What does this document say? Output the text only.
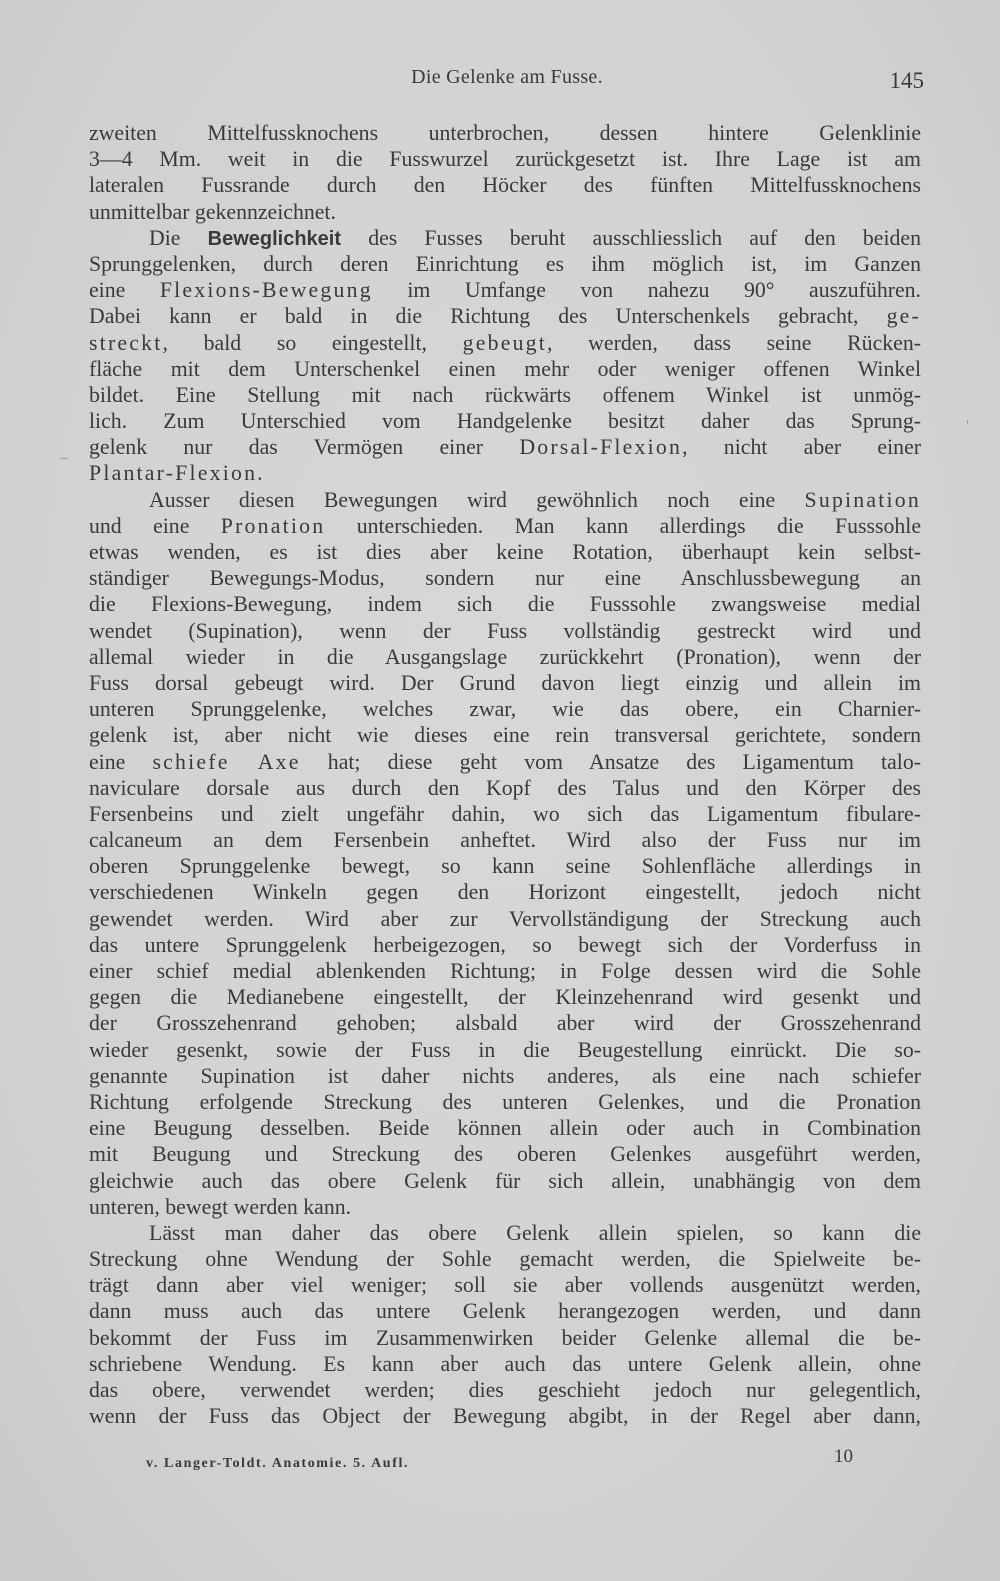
Die Gelenke am Fusse.	145
zweiten Mittelfussknochens unterbrochen, dessen hintere Gelenklinie
3—4 Mm. weit in die Fusswurzel zurückgesetzt ist. Ihre Lage ist am
lateralen Fussrande durch den Höcker des fünften Mittelfussknochens
unmittelbar gekennzeichnet.
Die Beweglichkeit des Fusses beruht ausschliesslich auf den beiden
Sprunggelenken, durch deren Einrichtung es ihm möglich ist, im Ganzen
eine Flexions-Bewegung im Umfange von nahezu 90° auszuführen.
Dabei kann er bald in die Richtung des Unterschenkels gebracht, ge-
streckt, bald so eingestellt, gebeugt, werden, dass seine Rücken-
fläche mit dem Unterschenkel einen mehr oder weniger offenen Winkel
bildet. Eine Stellung mit nach rückwärts offenem Winkel ist unmög-
lich. Zum Unterschied vom Handgelenke besitzt daher das Sprung-
gelenk nur das Vermögen einer Dorsal-Flexion, nicht aber einer
Plantar-Flexion.
Ausser diesen Bewegungen wird gewöhnlich noch eine Supination
und eine Pronation unterschieden. Man kann allerdings die Fusssohle
etwas wenden, es ist dies aber keine Rotation, überhaupt kein selbst-
ständiger Bewegungs-Modus, sondern nur eine Anschlussbewegung an
die Flexions-Bewegung, indem sich die Fusssohle zwangsweise medial
wendet (Supination), wenn der Fuss vollständig gestreckt wird und
allemal wieder in die Ausgangslage zurückkehrt (Pronation), wenn der
Fuss dorsal gebeugt wird. Der Grund davon liegt einzig und allein im
unteren Sprunggelenke, welches zwar, wie das obere, ein Charnier-
gelenk ist, aber nicht wie dieses eine rein transversal gerichtete, sondern
eine schiefe Axe hat; diese geht vom Ansatze des Ligamentum talo-
naviculare dorsale aus durch den Kopf des Talus und den Körper des
Fersenbeins und zielt ungefähr dahin, wo sich das Ligamentum fibulare-
calcaneum an dem Fersenbein anheftet. Wird also der Fuss nur im
oberen Sprunggelenke bewegt, so kann seine Sohlenfläche allerdings in
verschiedenen Winkeln gegen den Horizont eingestellt, jedoch nicht
gewendet werden. Wird aber zur Vervollständigung der Streckung auch
das untere Sprunggelenk herbeigezogen, so bewegt sich der Vorderfuss in
einer schief medial ablenkenden Richtung; in Folge dessen wird die Sohle
gegen die Medianebene eingestellt, der Kleinzehenrand wird gesenkt und
der Grosszehenrand gehoben; alsbald aber wird der Grosszehenrand
wieder gesenkt, sowie der Fuss in die Beugestellung einrückt. Die so-
genannte Supination ist daher nichts anderes, als eine nach schiefer
Richtung erfolgende Streckung des unteren Gelenkes, und die Pronation
eine Beugung desselben. Beide können allein oder auch in Combination
mit Beugung und Streckung des oberen Gelenkes ausgeführt werden,
gleichwie auch das obere Gelenk für sich allein, unabhängig von dem
unteren, bewegt werden kann.
Lässt man daher das obere Gelenk allein spielen, so kann die
Streckung ohne Wendung der Sohle gemacht werden, die Spielweite be-
trägt dann aber viel weniger; soll sie aber vollends ausgenützt werden,
dann muss auch das untere Gelenk herangezogen werden, und dann
bekommt der Fuss im Zusammenwirken beider Gelenke allemal die be-
schriebene Wendung. Es kann aber auch das untere Gelenk allein, ohne
das obere, verwendet werden; dies geschieht jedoch nur gelegentlich,
wenn der Fuss das Object der Bewegung abgibt, in der Regel aber dann,
_
'
v. Langer-Toldt. Anatomie. 5. Aufl.	10
